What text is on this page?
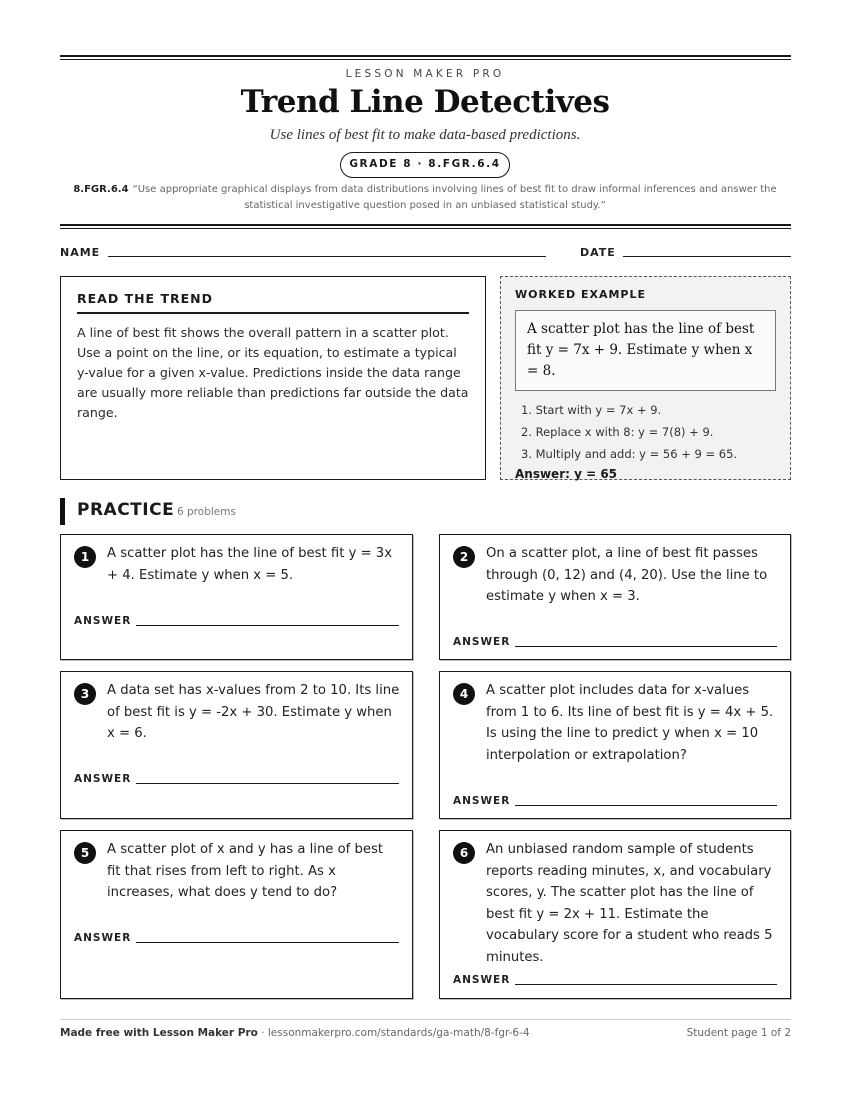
LESSON MAKER PRO
Trend Line Detectives
Use lines of best fit to make data-based predictions.
GRADE 8 · 8.FGR.6.4
8.FGR.6.4 “Use appropriate graphical displays from data distributions involving lines of best fit to draw informal inferences and answer the statistical investigative question posed in an unbiased statistical study.”
NAME	DATE
READ THE TREND
A line of best fit shows the overall pattern in a scatter plot. Use a point on the line, or its equation, to estimate a typical y-value for a given x-value. Predictions inside the data range are usually more reliable than predictions far outside the data range.
WORKED EXAMPLE
A scatter plot has the line of best fit y = 7x + 9. Estimate y when x = 8.
1. Start with y = 7x + 9.
2. Replace x with 8: y = 7(8) + 9.
3. Multiply and add: y = 56 + 9 = 65.
Answer: y = 65
PRACTICE 6 problems
1	A scatter plot has the line of best fit y = 3x + 4. Estimate y when x = 5.
ANSWER
2	On a scatter plot, a line of best fit passes through (0, 12) and (4, 20). Use the line to estimate y when x = 3.
ANSWER
3	A data set has x-values from 2 to 10. Its line of best fit is y = -2x + 30. Estimate y when x = 6.
ANSWER
4	A scatter plot includes data for x-values from 1 to 6. Its line of best fit is y = 4x + 5. Is using the line to predict y when x = 10 interpolation or extrapolation?
ANSWER
5	A scatter plot of x and y has a line of best fit that rises from left to right. As x increases, what does y tend to do?
ANSWER
6	An unbiased random sample of students reports reading minutes, x, and vocabulary scores, y. The scatter plot has the line of best fit y = 2x + 11. Estimate the vocabulary score for a student who reads 5 minutes.
ANSWER
Made free with Lesson Maker Pro · lessonmakerpro.com/standards/ga-math/8-fgr-6-4	Student page 1 of 2
